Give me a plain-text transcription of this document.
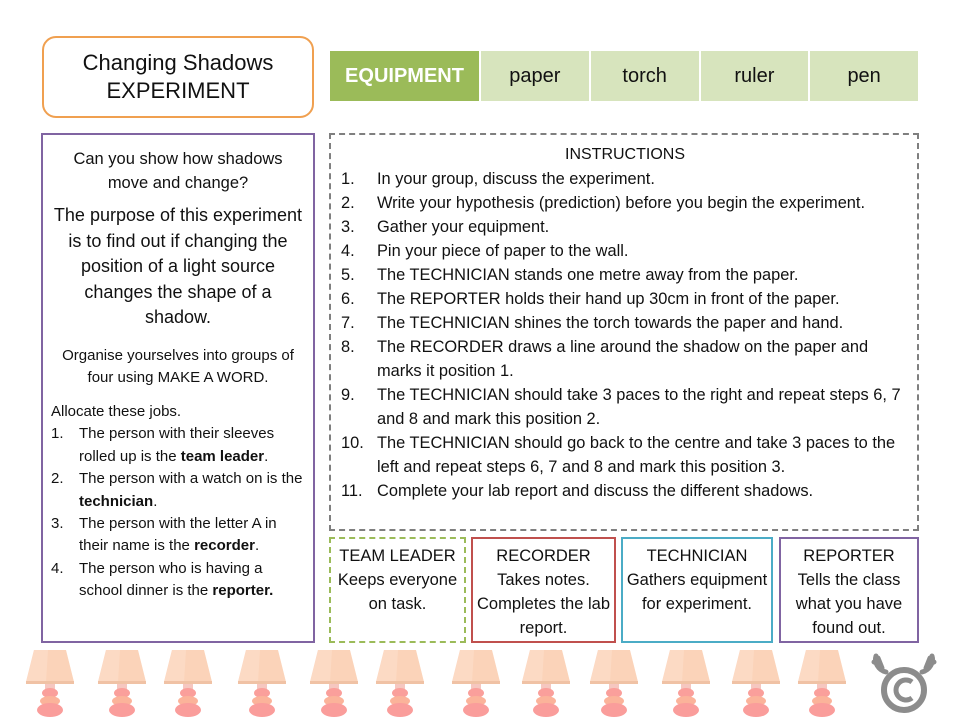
Changing Shadows
EXPERIMENT
EQUIPMENT	paper	torch	ruler	pen
Can you show how shadows move and change?
The purpose of this experiment is to find out if changing the position of a light source changes the shape of a shadow.
Organise yourselves into groups of four using MAKE A WORD.
Allocate these jobs.
1.	The person with their sleeves rolled up is the team leader.
2.	The person with a watch on is the technician.
3.	The person with the letter A in their name is the recorder.
4.	The person who is having a school dinner is the reporter.
INSTRUCTIONS
1.	In your group, discuss the experiment.
2.	Write your hypothesis (prediction) before you begin the experiment.
3.	Gather your equipment.
4.	Pin your piece of paper to the wall.
5.	The TECHNICIAN stands one metre away from the paper.
6.	The REPORTER holds their hand up 30cm in front of the paper.
7.	The TECHNICIAN shines the torch towards the paper and hand.
8.	The RECORDER draws a line around the shadow on the paper and marks it position 1.
9.	The TECHNICIAN should take 3 paces to the right and repeat steps 6, 7 and 8 and mark this position 2.
10. The TECHNICIAN should go back to the centre and take 3 paces to the left and repeat steps 6, 7 and 8 and mark this position 3.
11. Complete your lab report and discuss the different shadows.
TEAM LEADER
Keeps everyone on task.
RECORDER
Takes notes. Completes the lab report.
TECHNICIAN
Gathers equipment for experiment.
REPORTER
Tells the class what you have found out.
